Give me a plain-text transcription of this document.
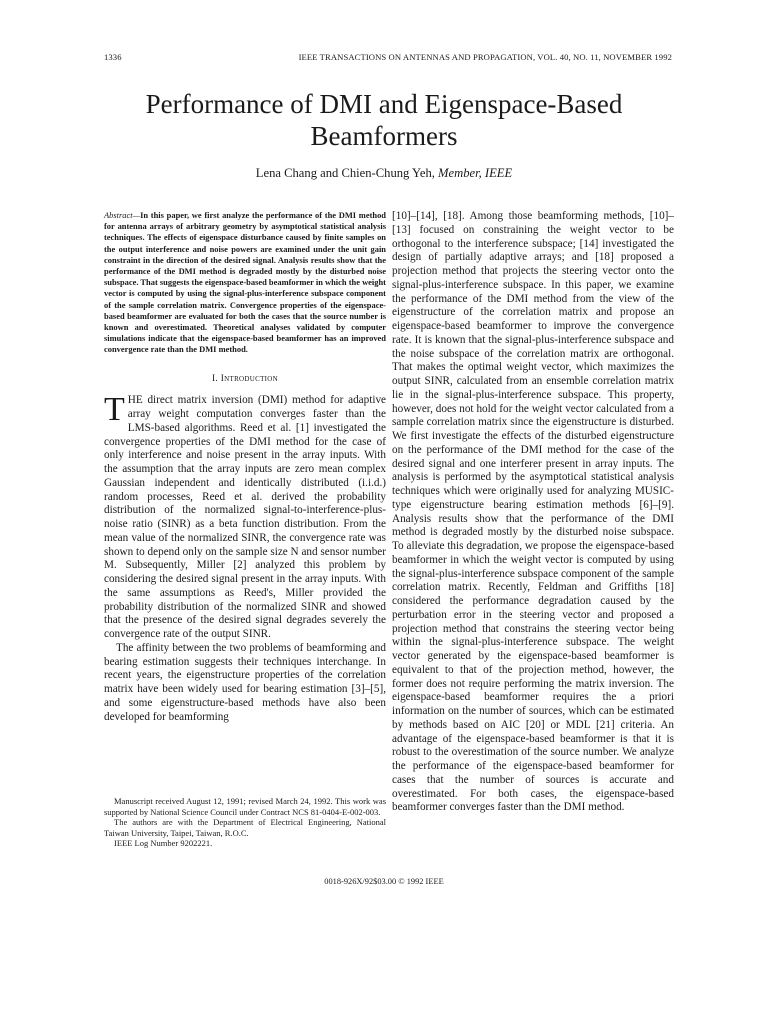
1336	IEEE TRANSACTIONS ON ANTENNAS AND PROPAGATION, VOL. 40, NO. 11, NOVEMBER 1992
Performance of DMI and Eigenspace-Based
Beamformers
Lena Chang and Chien-Chung Yeh, Member, IEEE
Abstract—In this paper, we first analyze the performance of the DMI method for antenna arrays of arbitrary geometry by asymptotical statistical analysis techniques. The effects of eigenspace disturbance caused by finite samples on the output interference and noise powers are examined under the unit gain constraint in the direction of the desired signal. Analysis results show that the performance of the DMI method is degraded mostly by the disturbed noise subspace. That suggests the eigenspace-based beamformer in which the weight vector is computed by using the signal-plus-interference subspace component of the sample correlation matrix. Convergence properties of the eigenspace-based beamformer are evaluated for both the cases that the source number is known and overestimated. Theoretical analyses validated by computer simulations indicate that the eigenspace-based beamformer has an improved convergence rate than the DMI method.
I. Introduction

THE direct matrix inversion (DMI) method for adaptive array weight computation converges faster than the LMS-based algorithms. Reed et al. [1] investigated the convergence properties of the DMI method for the case of only interference and noise present in the array inputs. With the assumption that the array inputs are zero mean complex Gaussian independent and identically distributed (i.i.d.) random processes, Reed et al. derived the probability distribution of the normalized signal-to-interference-plus-noise ratio (SINR) as a beta function distribution. From the mean value of the normalized SINR, the convergence rate was shown to depend only on the sample size N and sensor number M. Subsequently, Miller [2] analyzed this problem by considering the desired signal present in the array inputs. With the same assumptions as Reed's, Miller provided the probability distribution of the normalized SINR and showed that the presence of the desired signal degrades severely the convergence rate of the output SINR.

The affinity between the two problems of beamforming and bearing estimation suggests their techniques interchange. In recent years, the eigenstructure properties of the correlation matrix have been widely used for bearing estimation [3]–[5], and some eigenstructure-based methods have also been developed for beamforming

[10]–[14], [18]. Among those beamforming methods, [10]–[13] focused on constraining the weight vector to be orthogonal to the interference subspace; [14] investigated the design of partially adaptive arrays; and [18] proposed a projection method that projects the steering vector onto the signal-plus-interference subspace. In this paper, we examine the performance of the DMI method from the view of the eigenstructure of the correlation matrix and propose an eigenspace-based beamformer to improve the convergence rate. It is known that the signal-plus-interference subspace and the noise subspace of the correlation matrix are orthogonal. That makes the optimal weight vector, which maximizes the output SINR, calculated from an ensemble correlation matrix lie in the signal-plus-interference subspace. This property, however, does not hold for the weight vector calculated from a sample correlation matrix since the eigenstructure is disturbed. We first investigate the effects of the disturbed eigenstructure on the performance of the DMI method for the case of the desired signal and one interferer present in array inputs. The analysis is performed by the asymptotical statistical analysis techniques which were originally used for analyzing MUSIC-type eigenstructure bearing estimation methods [6]–[9]. Analysis results show that the performance of the DMI method is degraded mostly by the disturbed noise subspace. To alleviate this degradation, we propose the eigenspace-based beamformer in which the weight vector is computed by using the signal-plus-interference subspace component of the sample correlation matrix. Recently, Feldman and Griffiths [18] considered the performance degradation caused by the perturbation error in the steering vector and proposed a projection method that constrains the steering vector being within the signal-plus-interference subspace. The weight vector generated by the eigenspace-based beamformer is equivalent to that of the projection method, however, the former does not require performing the matrix inversion. The eigenspace-based beamformer requires the a priori information on the number of sources, which can be estimated by methods based on AIC [20] or MDL [21] criteria. An advantage of the eigenspace-based beamformer is that it is robust to the overestimation of the source number. We analyze the performance of the eigenspace-based beamformer for cases that the number of sources is accurate and overestimated. For both cases, the eigenspace-based beamformer converges faster than the DMI method.

Manuscript received August 12, 1991; revised March 24, 1992. This work was supported by National Science Council under Contract NCS 81-0404-E-002-003.

The authors are with the Department of Electrical Engineering, National Taiwan University, Taipei, Taiwan, R.O.C.

IEEE Log Number 9202221.

0018-926X/92$03.00 © 1992 IEEE
